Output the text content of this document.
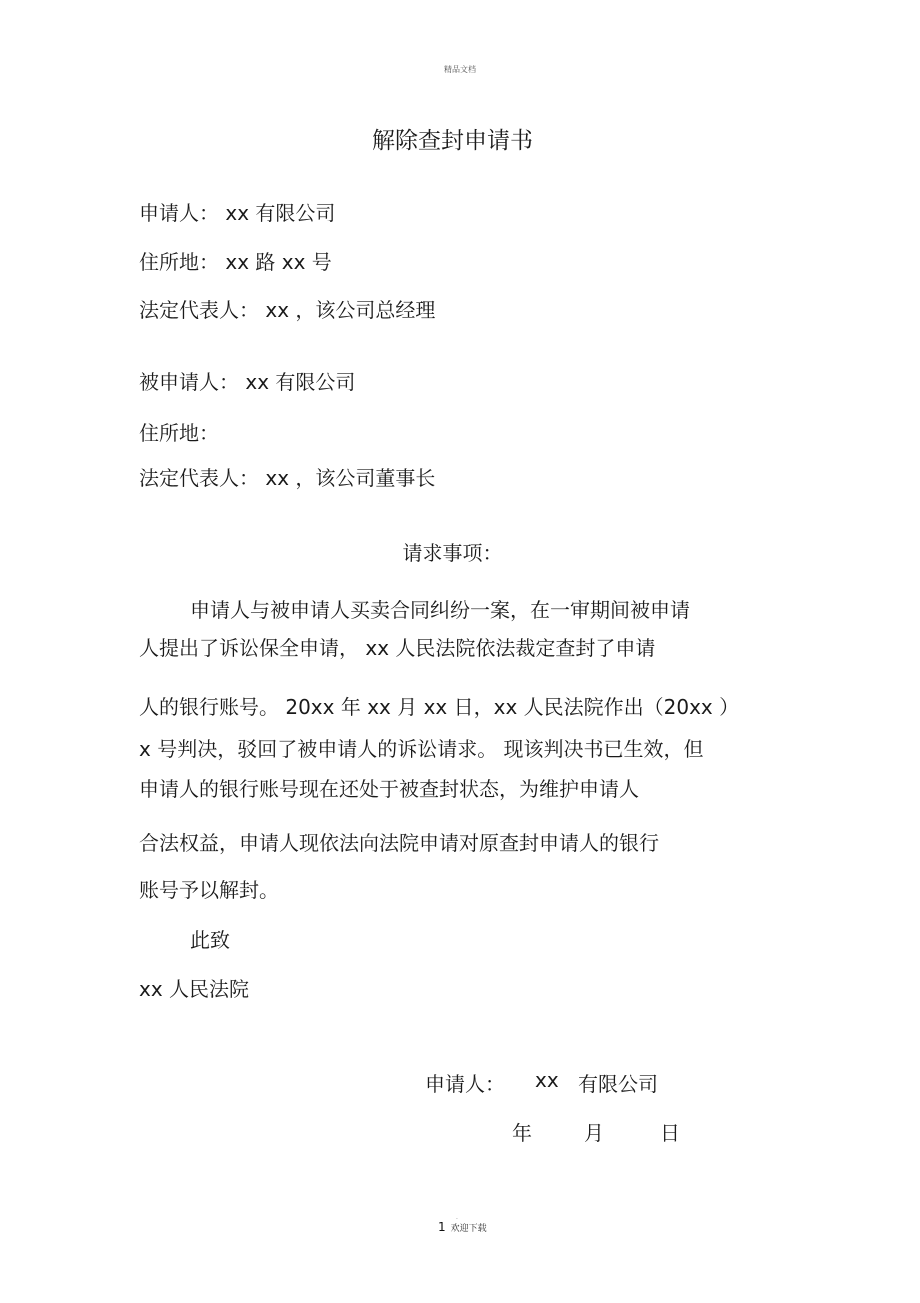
精品文档
解除查封申请书
申请人： xx 有限公司
住所地： xx 路 xx 号
法定代表人： xx ，该公司总经理
被申请人： xx 有限公司
住所地：
法定代表人： xx ，该公司董事长
请求事项：
申请人与被申请人买卖合同纠纷一案，在一审期间被申请
人提出了诉讼保全申请， xx 人民法院依法裁定查封了申请
人的银行账号。 20xx 年 xx 月 xx 日，xx 人民法院作出（20xx ）
x 号判决，驳回了被申请人的诉讼请求。 现该判决书已生效，但
申请人的银行账号现在还处于被查封状态，为维护申请人
合法权益，申请人现依法向法院申请对原查封申请人的银行
账号予以解封。
此致
xx 人民法院
申请人： xx 有限公司
年	月	日
.
1 欢迎下载
